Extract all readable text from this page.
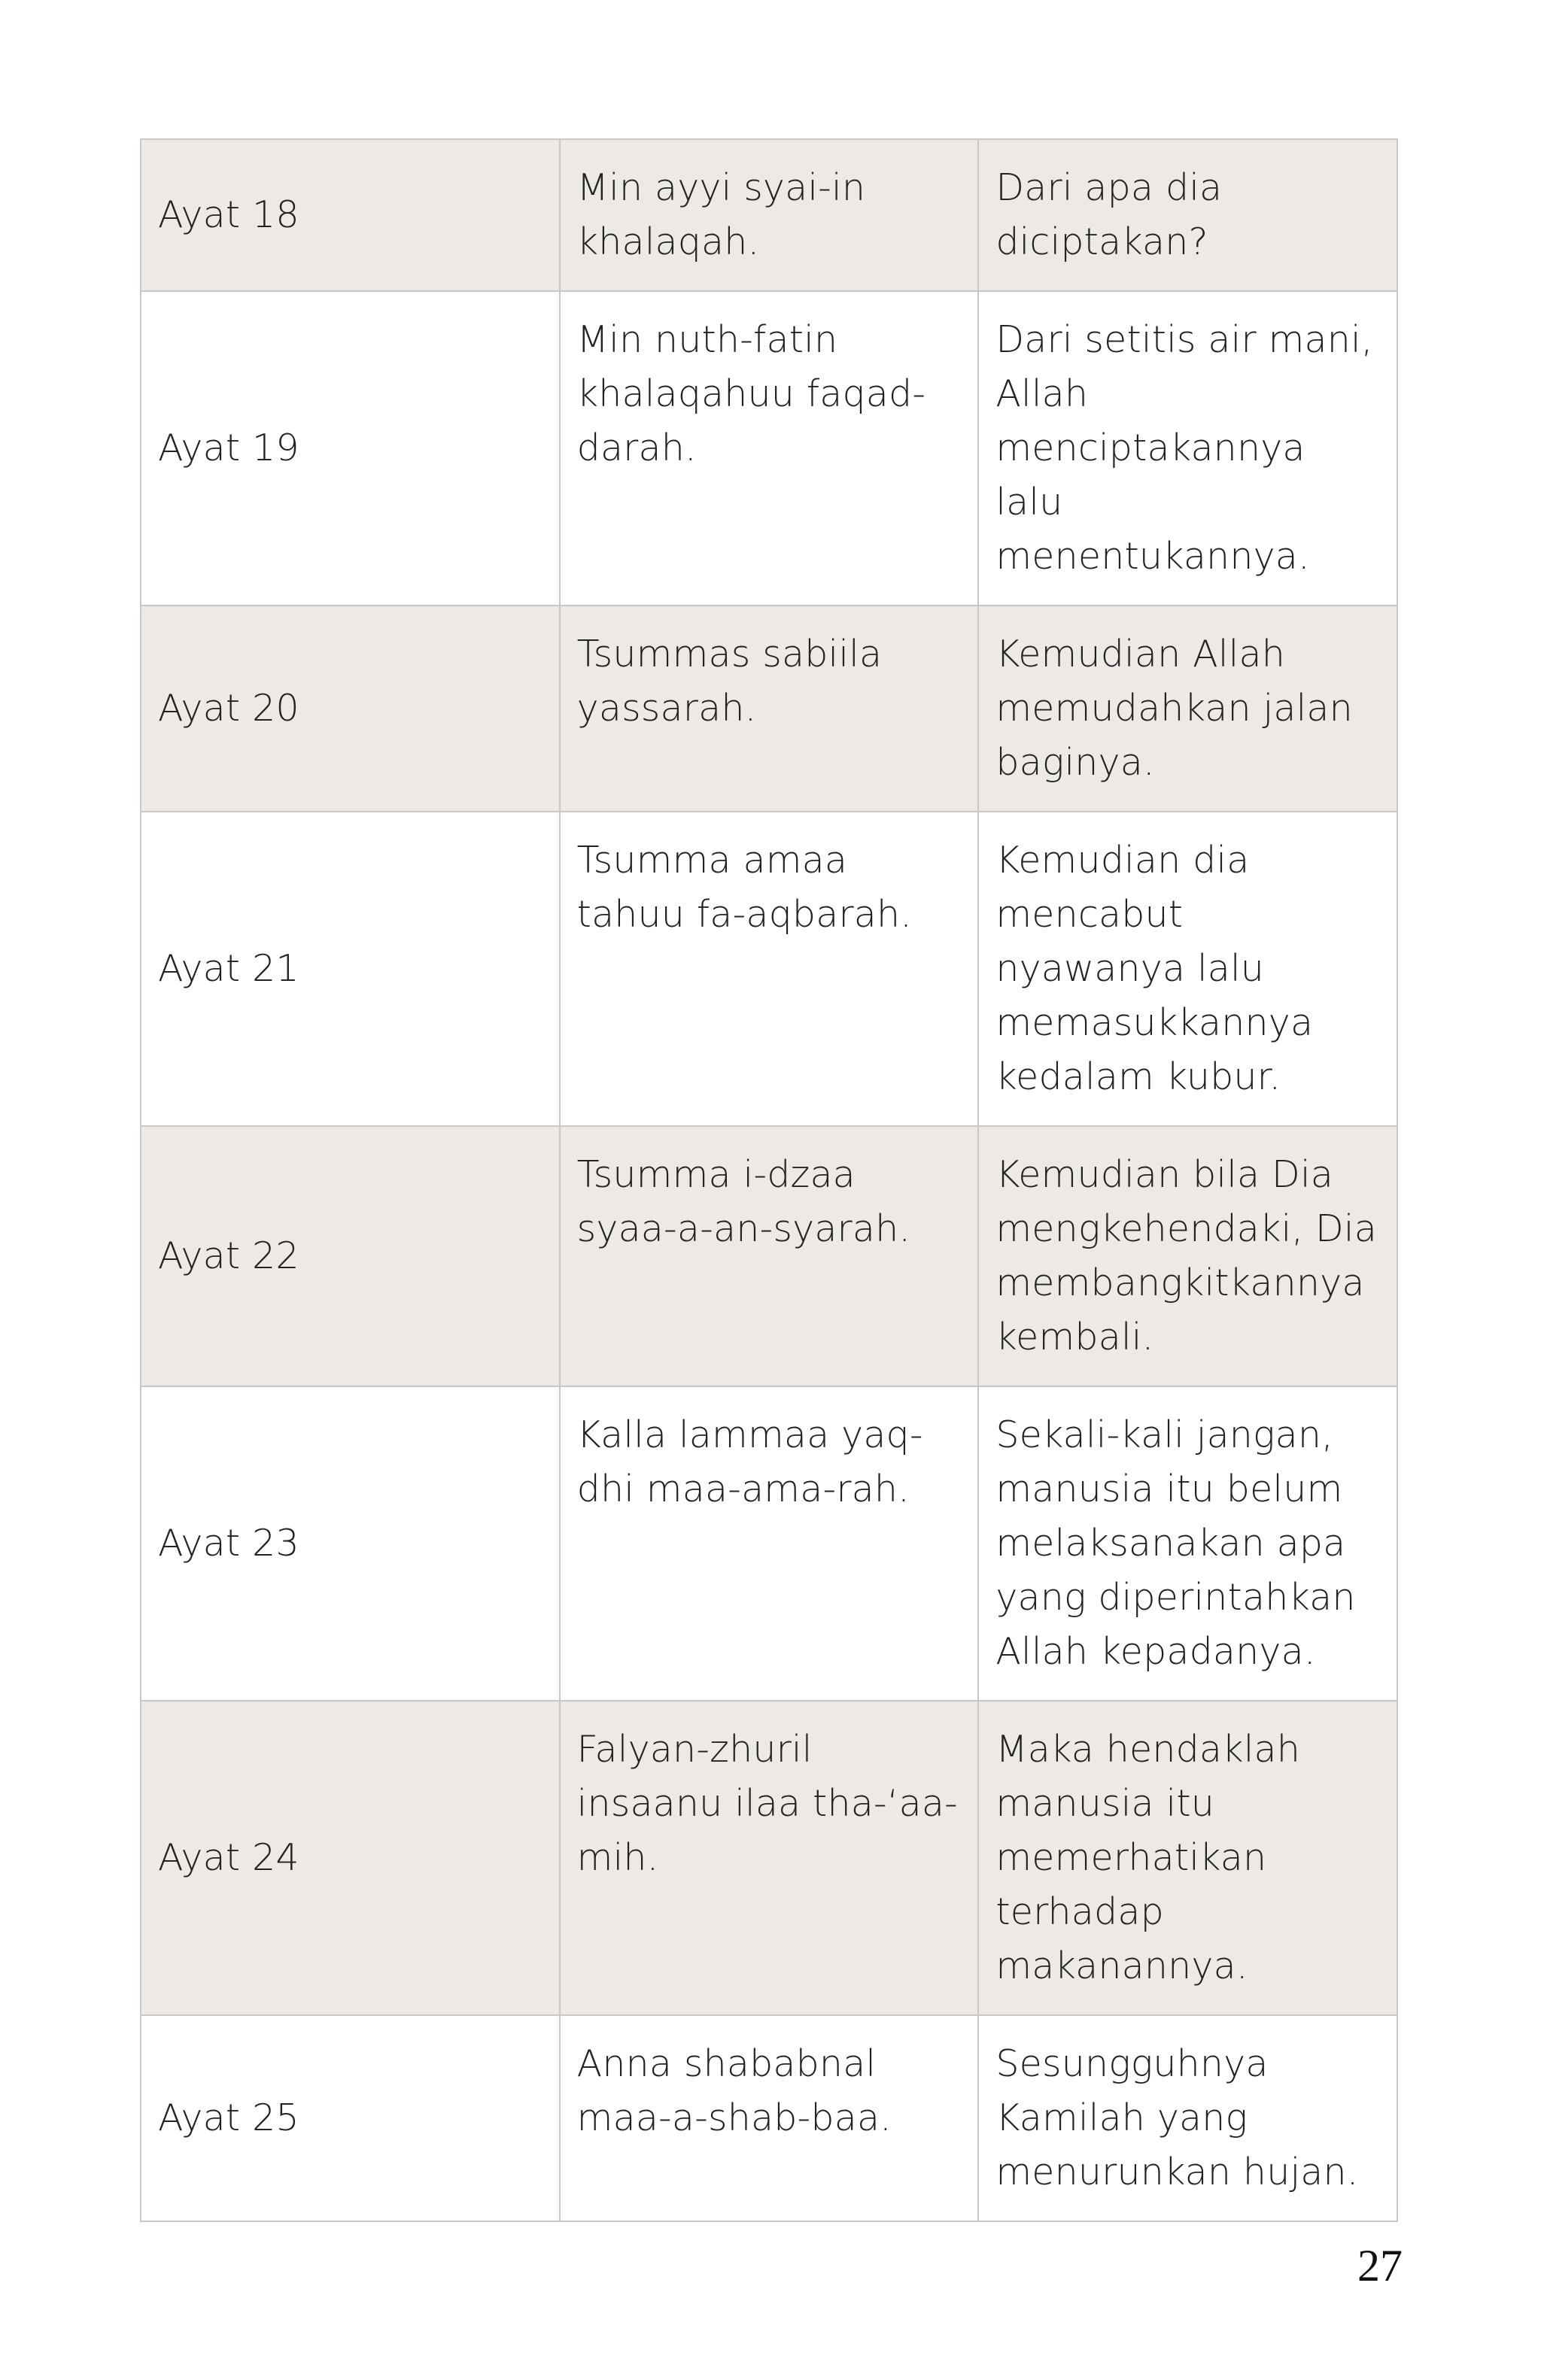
Ayat 18	Min ayyi syai-in khalaqah.	Dari apa dia diciptakan?
Ayat 19	Min nuth-fatin khalaqahuu faqad-darah.	Dari setitis air mani, Allah menciptakannya lalu menentukannya.
Ayat 20	Tsummas sabiila yassarah.	Kemudian Allah memudahkan jalan baginya.
Ayat 21	Tsumma amaa tahuu fa-aqbarah.	Kemudian dia mencabut nyawanya lalu memasukkannya kedalam kubur.
Ayat 22	Tsumma i-dzaa syaa-a-an-syarah.	Kemudian bila Dia mengkehendaki, Dia membangkitkannya kembali.
Ayat 23	Kalla lammaa yaq-dhi maa-ama-rah.	Sekali-kali jangan, manusia itu belum melaksanakan apa yang diperintahkan Allah kepadanya.
Ayat 24	Falyan-zhuril insaanu ilaa tha-‘aa-mih.	Maka hendaklah manusia itu memerhatikan terhadap makanannya.
Ayat 25	Anna shababnal maa-a-shab-baa.	Sesungguhnya Kamilah yang menurunkan hujan.
27
